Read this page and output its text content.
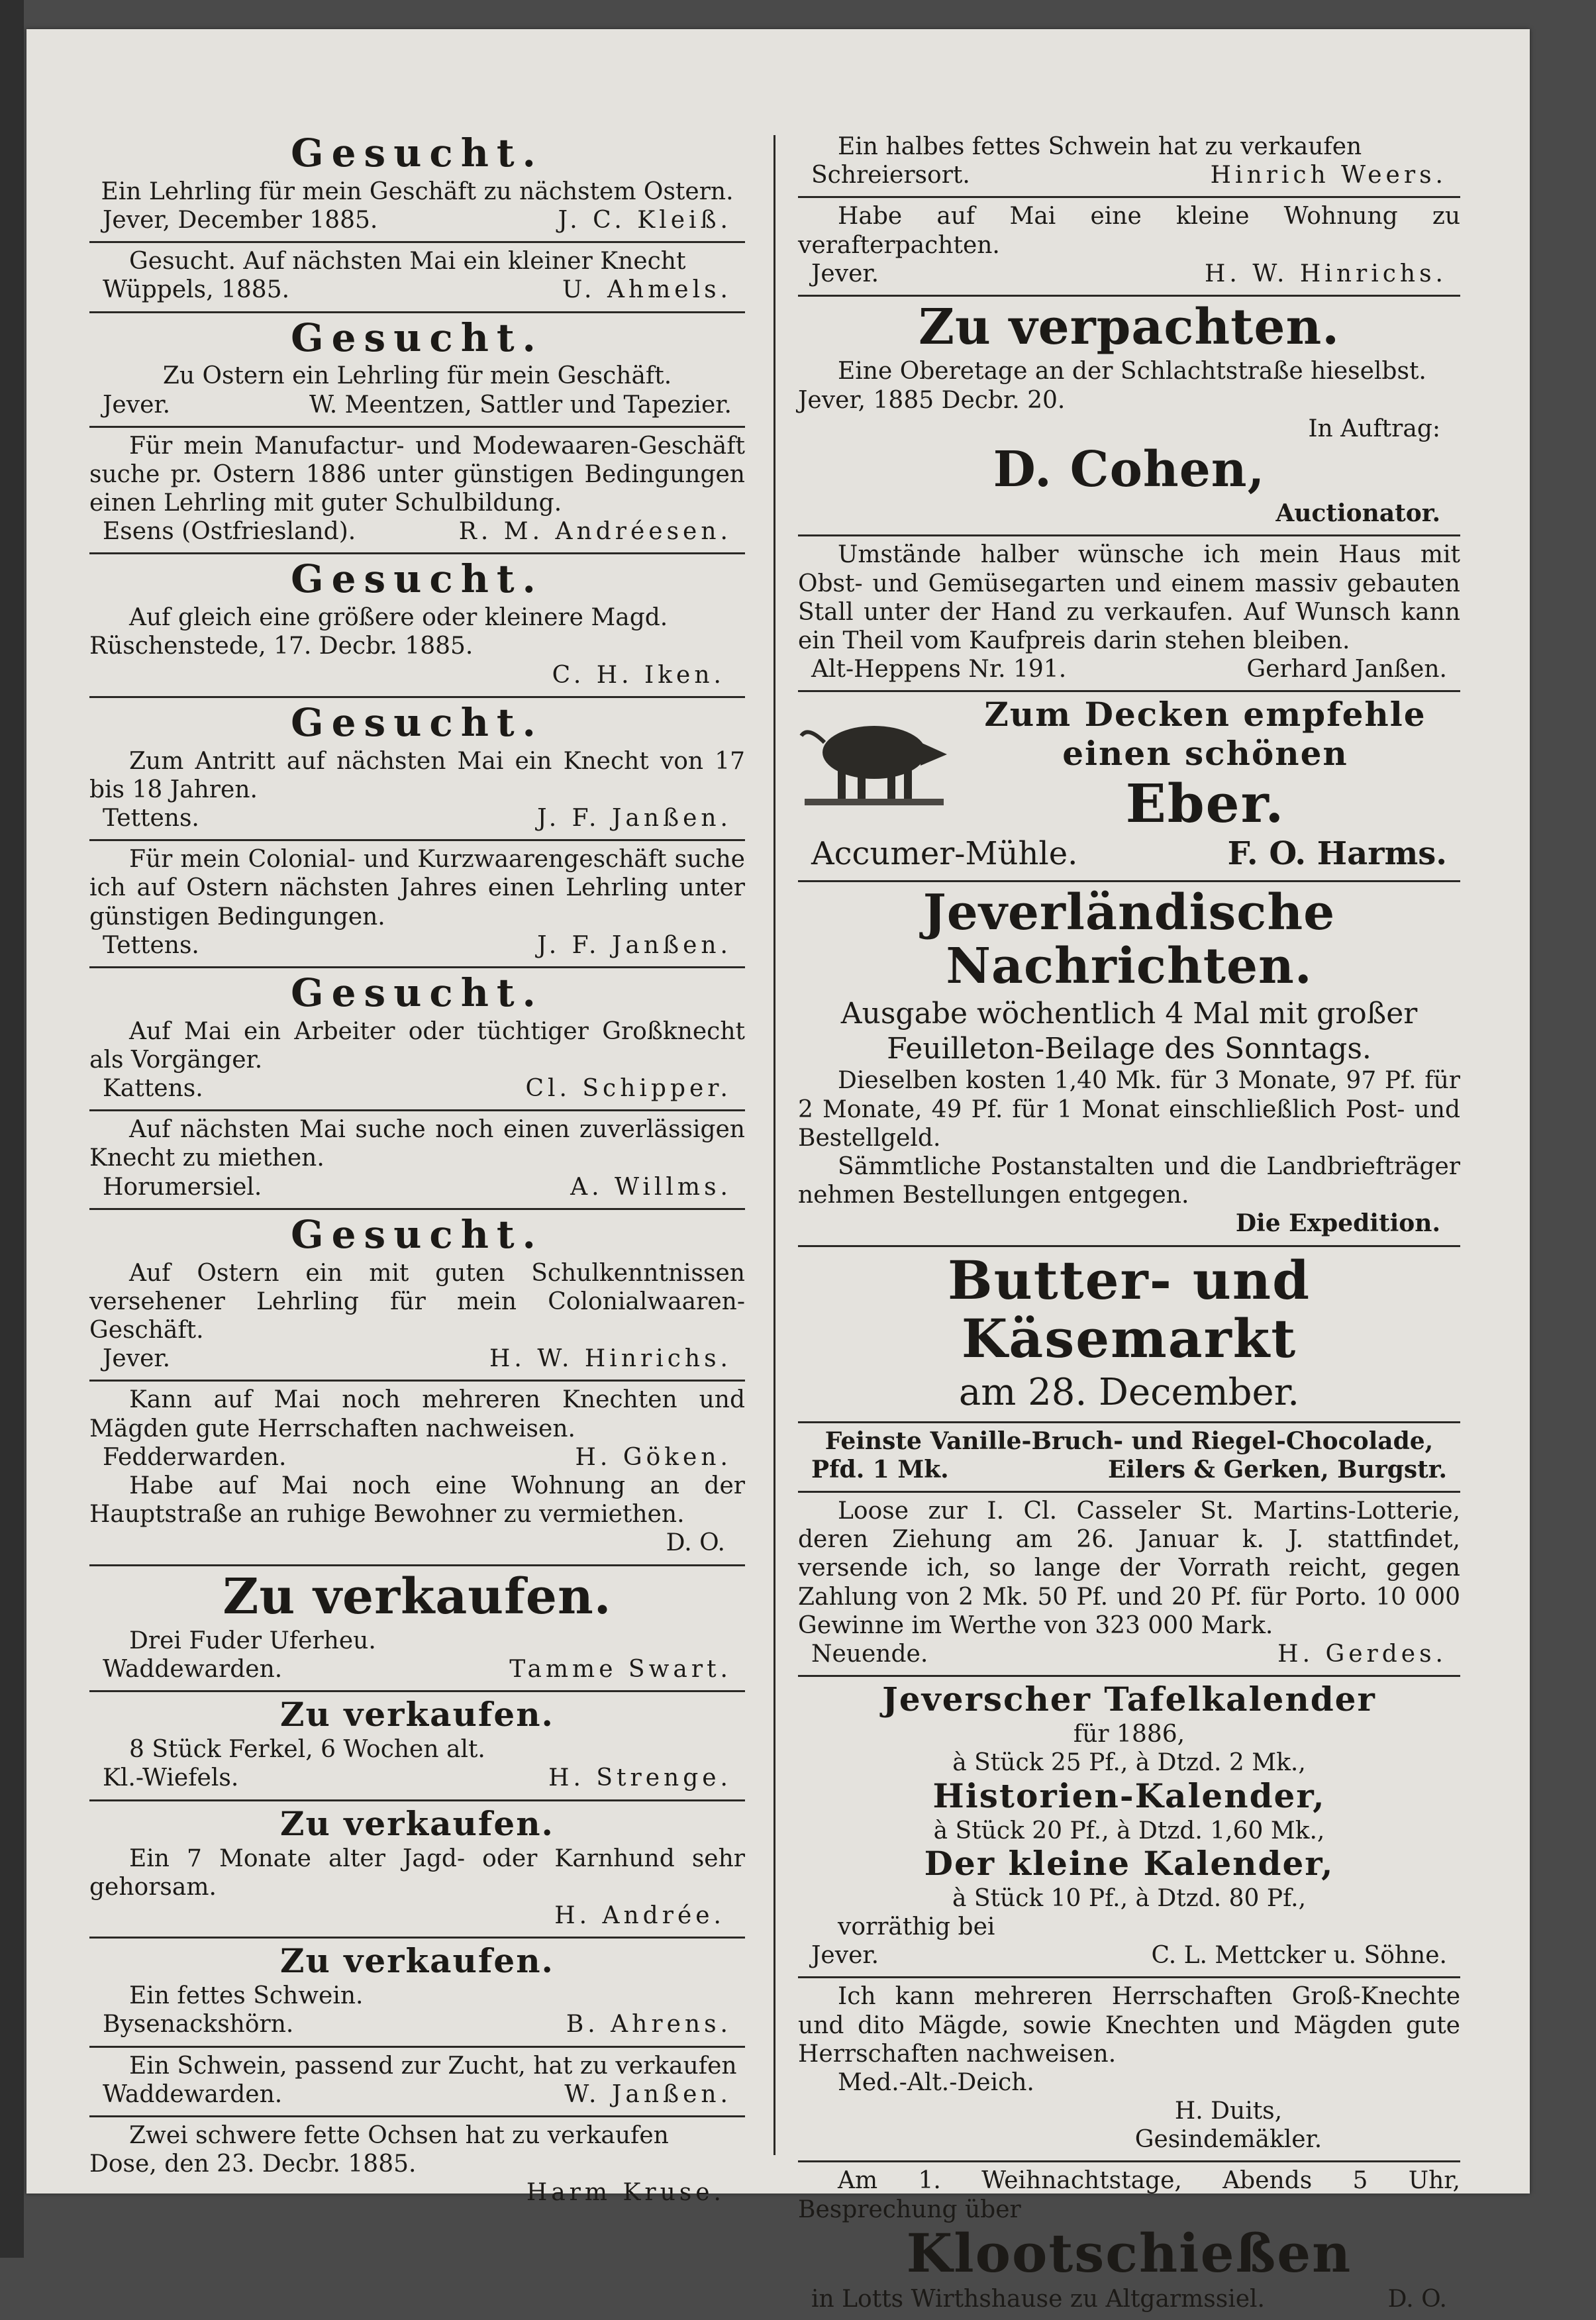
Gesucht.

Ein Lehrling für mein Geschäft zu nächstem Ostern.

Jever, December 1885.	J. C. Kleiß.

Gesucht. Auf nächsten Mai ein kleiner Knecht

Wüppels, 1885.	U. Ahmels.
Gesucht.

Zu Ostern ein Lehrling für mein Geschäft.

Jever.	W. Meentzen, Sattler und Tapezier.

Für mein Manufactur- und Modewaaren-Geschäft suche pr. Ostern 1886 unter günstigen Bedingungen einen Lehrling mit guter Schulbildung.

Esens (Ostfriesland).	R. M. Andréesen.
Gesucht.

Auf gleich eine größere oder kleinere Magd.

Rüschenstede, 17. Decbr. 1885.

C. H. Iken.
Gesucht.

Zum Antritt auf nächsten Mai ein Knecht von 17 bis 18 Jahren.

Tettens.	J. F. Janßen.

Für mein Colonial- und Kurzwaarengeschäft suche ich auf Ostern nächsten Jahres einen Lehrling unter günstigen Bedingungen.

Tettens.	J. F. Janßen.
Gesucht.

Auf Mai ein Arbeiter oder tüchtiger Großknecht als Vorgänger.

Kattens.	Cl. Schipper.

Auf nächsten Mai suche noch einen zuverlässigen Knecht zu miethen.

Horumersiel.	A. Willms.
Gesucht.

Auf Ostern ein mit guten Schulkenntnissen versehener Lehrling für mein Colonialwaaren-Geschäft.

Jever.	H. W. Hinrichs.

Kann auf Mai noch mehreren Knechten und Mägden gute Herrschaften nachweisen.

Fedderwarden.	H. Göken.

Habe auf Mai noch eine Wohnung an der Hauptstraße an ruhige Bewohner zu vermiethen.

D. O.
Zu verkaufen.

Drei Fuder Uferheu.

Waddewarden.	Tamme Swart.
Zu verkaufen.

8 Stück Ferkel, 6 Wochen alt.

Kl.-Wiefels.	H. Strenge.
Zu verkaufen.

Ein 7 Monate alter Jagd- oder Karnhund sehr gehorsam.

H. Andrée.
Zu verkaufen.

Ein fettes Schwein.

Bysenackshörn.	B. Ahrens.

Ein Schwein, passend zur Zucht, hat zu verkaufen

Waddewarden.	W. Janßen.

Zwei schwere fette Ochsen hat zu verkaufen

Dose, den 23. Decbr. 1885.

Harm Kruse.

Ein halbes fettes Schwein hat zu verkaufen

Schreiersort.	Hinrich Weers.

Habe auf Mai eine kleine Wohnung zu verafterpachten.

Jever.	H. W. Hinrichs.
Zu verpachten.

Eine Oberetage an der Schlachtstraße hieselbst.

Jever, 1885 Decbr. 20.

In Auftrag:
D. Cohen,
Auctionator.

Umstände halber wünsche ich mein Haus mit Obst- und Gemüsegarten und einem massiv gebauten Stall unter der Hand zu verkaufen. Auf Wunsch kann ein Theil vom Kaufpreis darin stehen bleiben.

Alt-Heppens Nr. 191.	Gerhard Janßen.
Zum Decken empfehle
einen schönen
Eber.
Accumer-Mühle.	F. O. Harms.
Jeverländische Nachrichten.
Ausgabe wöchentlich 4 Mal mit großer
Feuilleton-Beilage des Sonntags.

Dieselben kosten 1,40 Mk. für 3 Monate, 97 Pf. für 2 Monate, 49 Pf. für 1 Monat einschließlich Post- und Bestellgeld.

Sämmtliche Postanstalten und die Landbriefträger nehmen Bestellungen entgegen.

Die Expedition.
Butter- und Käsemarkt
am 28. December.
Feinste Vanille-Bruch- und Riegel-Chocolade,
Pfd. 1 Mk.	Eilers & Gerken, Burgstr.

Loose zur I. Cl. Casseler St. Martins-Lotterie, deren Ziehung am 26. Januar k. J. stattfindet, versende ich, so lange der Vorrath reicht, gegen Zahlung von 2 Mk. 50 Pf. und 20 Pf. für Porto. 10 000 Gewinne im Werthe von 323 000 Mark.

Neuende.	H. Gerdes.
Jeverscher Tafelkalender
für 1886,
à Stück 25 Pf., à Dtzd. 2 Mk.,
Historien-Kalender,
à Stück 20 Pf., à Dtzd. 1,60 Mk.,
Der kleine Kalender,
à Stück 10 Pf., à Dtzd. 80 Pf.,

vorräthig bei

Jever.	C. L. Mettcker u. Söhne.

Ich kann mehreren Herrschaften Groß-Knechte und dito Mägde, sowie Knechten und Mägden gute Herrschaften nachweisen.

Med.-Alt.-Deich.

H. Duits,
Gesindemäkler.

Am 1. Weihnachtstage, Abends 5 Uhr, Besprechung über

Klootschießen
in Lotts Wirthshause zu Altgarmssiel.	D. O.
